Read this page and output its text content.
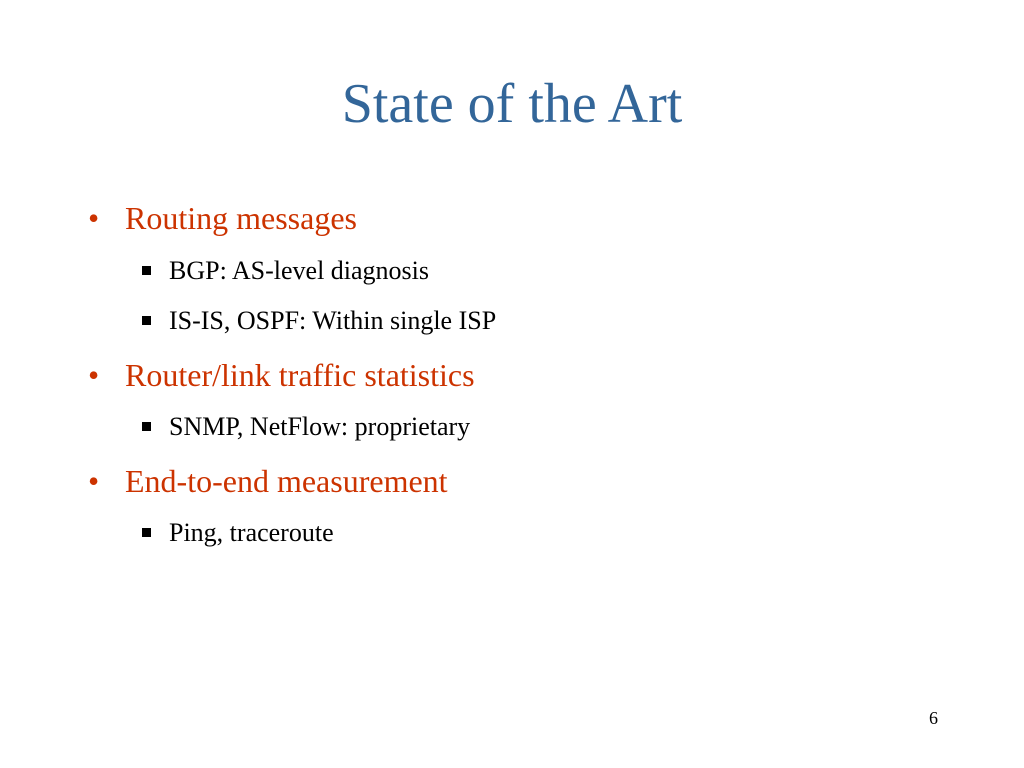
State of the Art
• Routing messages
BGP: AS-level diagnosis
IS-IS, OSPF: Within single ISP
• Router/link traffic statistics
SNMP, NetFlow: proprietary
• End-to-end measurement
Ping, traceroute
6
